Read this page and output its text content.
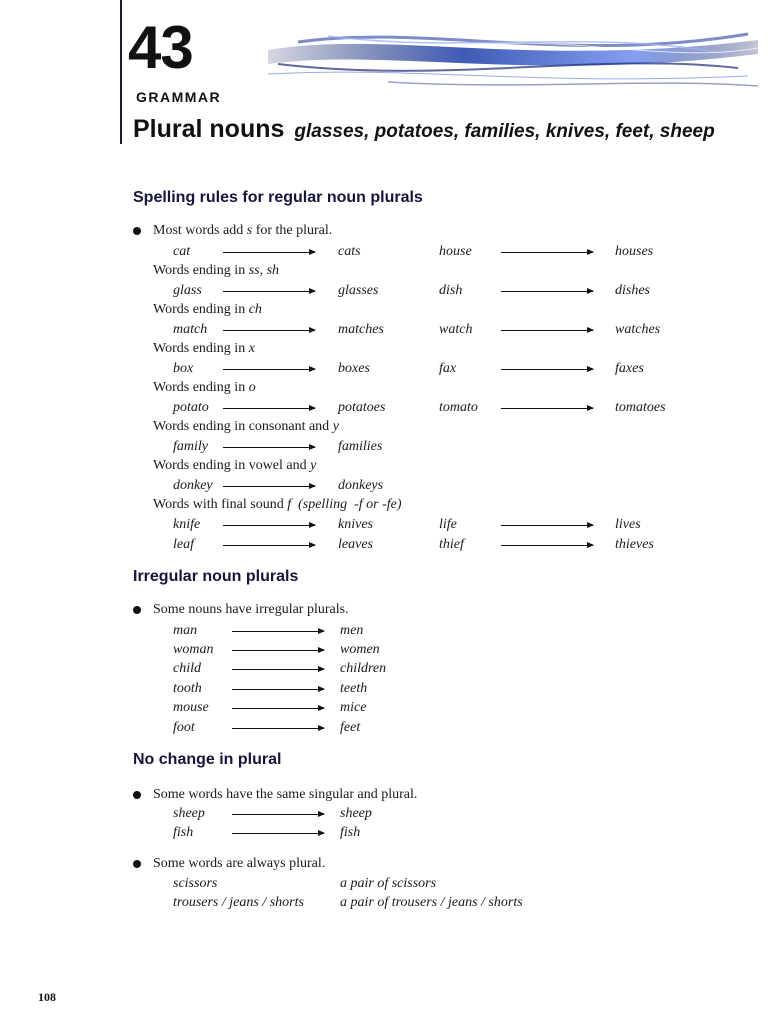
43
GRAMMAR
Plural nouns glasses, potatoes, families, knives, feet, sheep
Spelling rules for regular noun plurals
Most words add s for the plural.
Words ending in ss, sh
Words ending in ch
Words ending in x
Words ending in o
Words ending in consonant and y
Words ending in vowel and y
Words with final sound f (spelling  -f or -fe)
cat	cats	house	houses
glass	glasses	dish	dishes
match	matches	watch	watches
box	boxes	fax	faxes
potato	potatoes	tomato	tomatoes
family	families
donkey	donkeys
knife	knives	life	lives
leaf	leaves	thief	thieves
Irregular noun plurals
Some nouns have irregular plurals.
man	men
woman	women
child	children
tooth	teeth
mouse	mice
foot	feet
No change in plural
Some words have the same singular and plural.
sheep	sheep
fish	fish
Some words are always plural.
scissors	a pair of scissors
trousers / jeans / shorts	a pair of trousers / jeans / shorts
108
